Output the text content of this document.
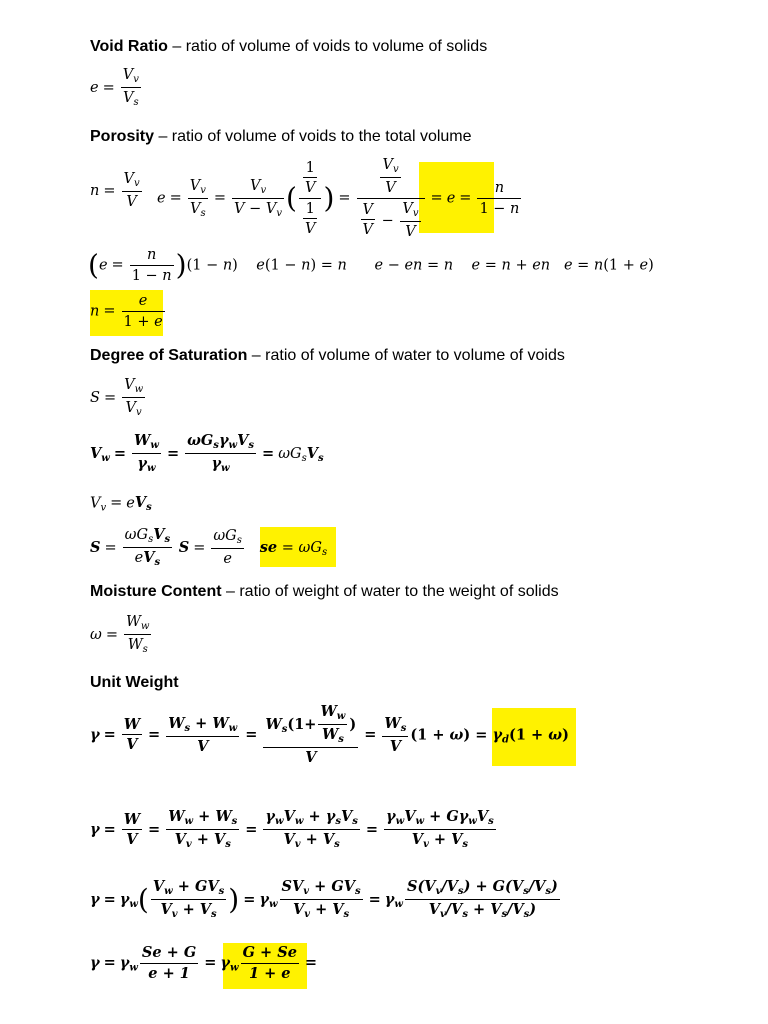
Void Ratio – ratio of volume of voids to volume of solids
$e = \frac{V_v}{V_s}$
Porosity – ratio of volume of voids to the total volume
$n = \frac{V_v}{V}$ $e = \frac{V_v}{V_s} = \frac{V_v}{V - V_v}$ ( $\frac{\frac{1}{V}}{\frac{1}{V}}$ ) =
$\frac{V_v}{V}$
$\frac{V}{V} - \frac{V_v}{V}$
= $e = \frac{n}{1 - n}$
$(e = \frac{n}{1 - n} )(1 - n)$    e(1 − n) = n      e − en = n    e = n + en   e = n(1 + e)
$n = \frac{e}{1 + e}$
Degree of Saturation – ratio of volume of water to volume of voids
$S = \frac{V_w}{V_v}$
$V_w = \frac{W_w}{\gamma_w}$ =
$\omega G_s\gamma_wV_s$
$\gamma_w$
= $\omega G_sV_s$
$V_v = eV_s$
S =
$\omega G_sV_s$
$eV_s$
S =
$\omega G_s$
e
se = $\omega G_s$
Moisture Content – ratio of weight of water to the weight of solids
$\omega = \frac{W_w}{W_s}$
Unit Weight
$\gamma = \frac{W}{V} = \frac{W_s + W_w}{V}$ =
$W_s(1+ \frac{W_w}{W_s}$ )
V
= $\frac{W_s}{V} (1 + \omega) = \gamma_d(1 + \omega)$
$\gamma = \frac{W}{V} = \frac{W_w + W_s}{V_v + V_s}$ =
$\gamma_wV_w + \gamma_sV_s$
$V_v + V_s$
=
$\gamma_wV_w + G\gamma_wV_s$
$V_v + V_s$
$\gamma = \gamma_w$( $V_w + GV_s$
$V_v + V_s$ ) = $\gamma_w$
$SV_v + GV_s$
$V_v + V_s$
= $\gamma_w \frac{S(V_v/V_s) + G(V_s/V_s)}{V_v/V_s + V_s/V_s)}$
$\gamma = \gamma_w \frac{Se + G}{e + 1} = \gamma_w \frac{G + Se}{1 + e}$ =
